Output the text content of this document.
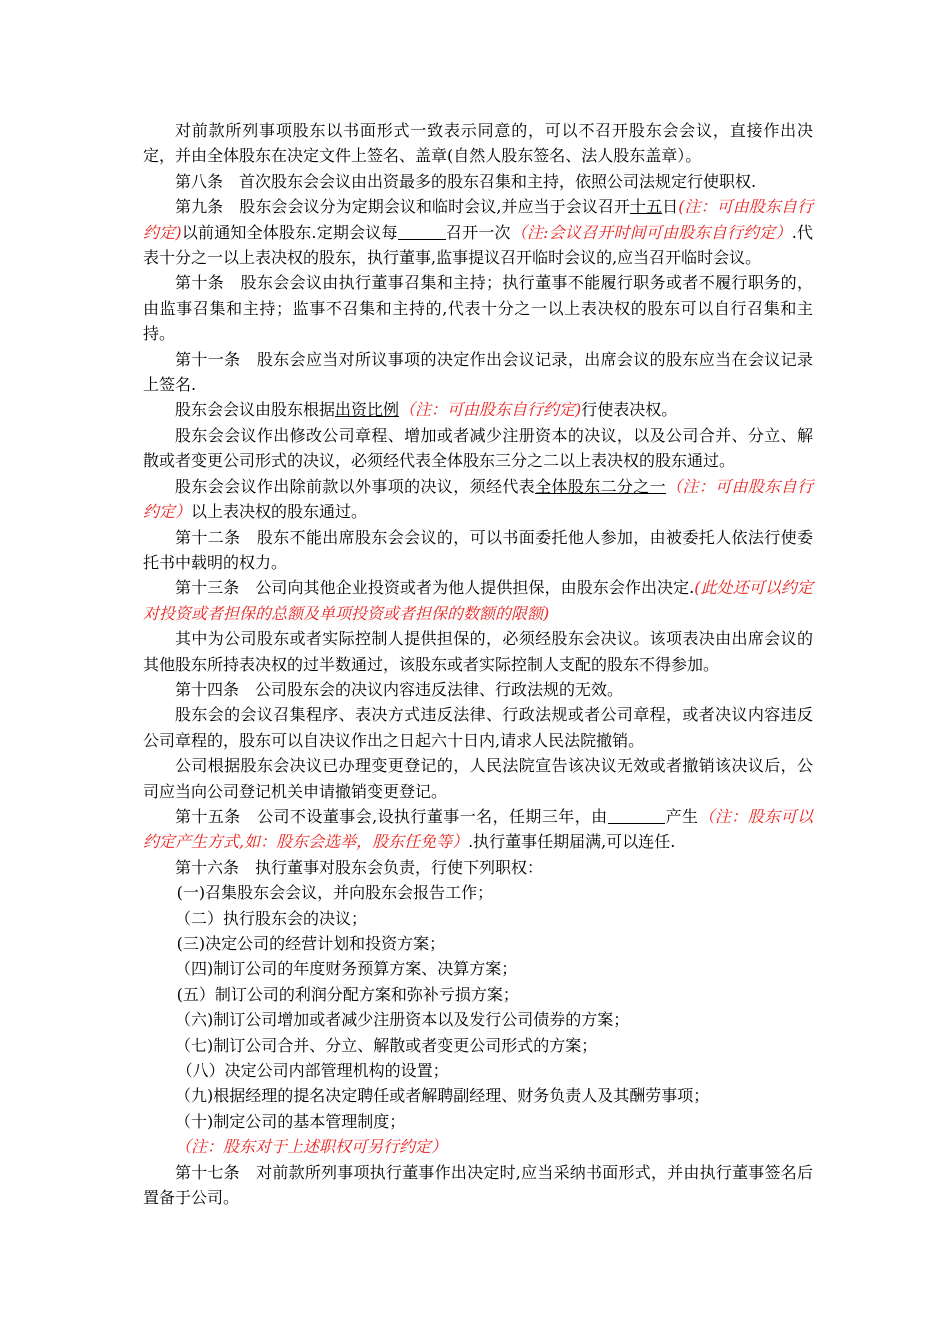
对前款所列事项股东以书面形式一致表示同意的，可以不召开股东会会议，直接作出决定，并由全体股东在决定文件上签名、盖章(自然人股东签名、法人股东盖章）。

第八条　首次股东会会议由出资最多的股东召集和主持，依照公司法规定行使职权.

第九条　股东会会议分为定期会议和临时会议,并应当于会议召开十五日(注：可由股东自行约定)以前通知全体股东.定期会议每	召开一次（注:会议召开时间可由股东自行约定）.代表十分之一以上表决权的股东，执行董事,监事提议召开临时会议的,应当召开临时会议。

第十条　股东会会议由执行董事召集和主持；执行董事不能履行职务或者不履行职务的，由监事召集和主持；监事不召集和主持的,代表十分之一以上表决权的股东可以自行召集和主持。

第十一条　股东会应当对所议事项的决定作出会议记录，出席会议的股东应当在会议记录上签名.

股东会会议由股东根据出资比例（注：可由股东自行约定)行使表决权。

股东会会议作出修改公司章程、增加或者减少注册资本的决议，以及公司合并、分立、解散或者变更公司形式的决议，必须经代表全体股东三分之二以上表决权的股东通过。

股东会会议作出除前款以外事项的决议，须经代表全体股东二分之一（注：可由股东自行约定）以上表决权的股东通过。

第十二条　股东不能出席股东会会议的，可以书面委托他人参加，由被委托人依法行使委托书中载明的权力。

第十三条　公司向其他企业投资或者为他人提供担保，由股东会作出决定.(此处还可以约定对投资或者担保的总额及单项投资或者担保的数额的限额)

其中为公司股东或者实际控制人提供担保的，必须经股东会决议。该项表决由出席会议的其他股东所持表决权的过半数通过，该股东或者实际控制人支配的股东不得参加。

第十四条　公司股东会的决议内容违反法律、行政法规的无效。

股东会的会议召集程序、表决方式违反法律、行政法规或者公司章程，或者决议内容违反公司章程的，股东可以自决议作出之日起六十日内,请求人民法院撤销。

公司根据股东会决议已办理变更登记的，人民法院宣告该决议无效或者撤销该决议后，公司应当向公司登记机关申请撤销变更登记。

第十五条　公司不设董事会,设执行董事一名，任期三年，由	产生（注：股东可以约定产生方式,如：股东会选举，股东任免等）.执行董事任期届满,可以连任.

第十六条　执行董事对股东会负责，行使下列职权：

(一)召集股东会会议，并向股东会报告工作；

（二）执行股东会的决议；

(三)决定公司的经营计划和投资方案；

（四)制订公司的年度财务预算方案、决算方案；

(五）制订公司的利润分配方案和弥补亏损方案；

（六)制订公司增加或者减少注册资本以及发行公司债券的方案；

（七)制订公司合并、分立、解散或者变更公司形式的方案；

（八）决定公司内部管理机构的设置；

（九)根据经理的提名决定聘任或者解聘副经理、财务负责人及其酬劳事项；

（十)制定公司的基本管理制度；

（注：股东对于上述职权可另行约定）

第十七条　对前款所列事项执行董事作出决定时,应当采纳书面形式，并由执行董事签名后置备于公司。
